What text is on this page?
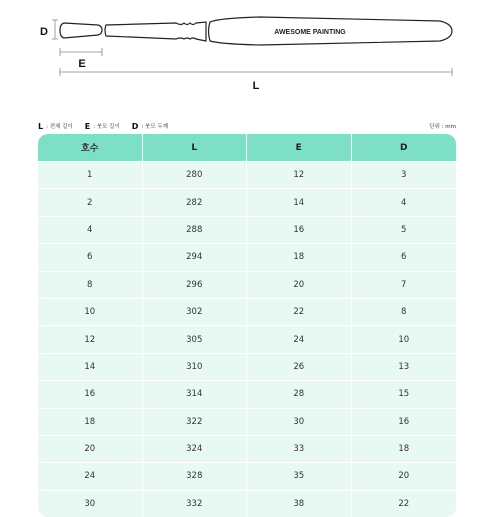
D	AWESOME PAINTING
E
L
L : 전체 길이 E : 붓모 길이 D : 붓모 두께	단위 : mm
호수	L	E	D
1	280	12	3
2	282	14	4
4	288	16	5
6	294	18	6
8	296	20	7
10	302	22	8
12	305	24	10
14	310	26	13
16	314	28	15
18	322	30	16
20	324	33	18
24	328	35	20
30	332	38	22
